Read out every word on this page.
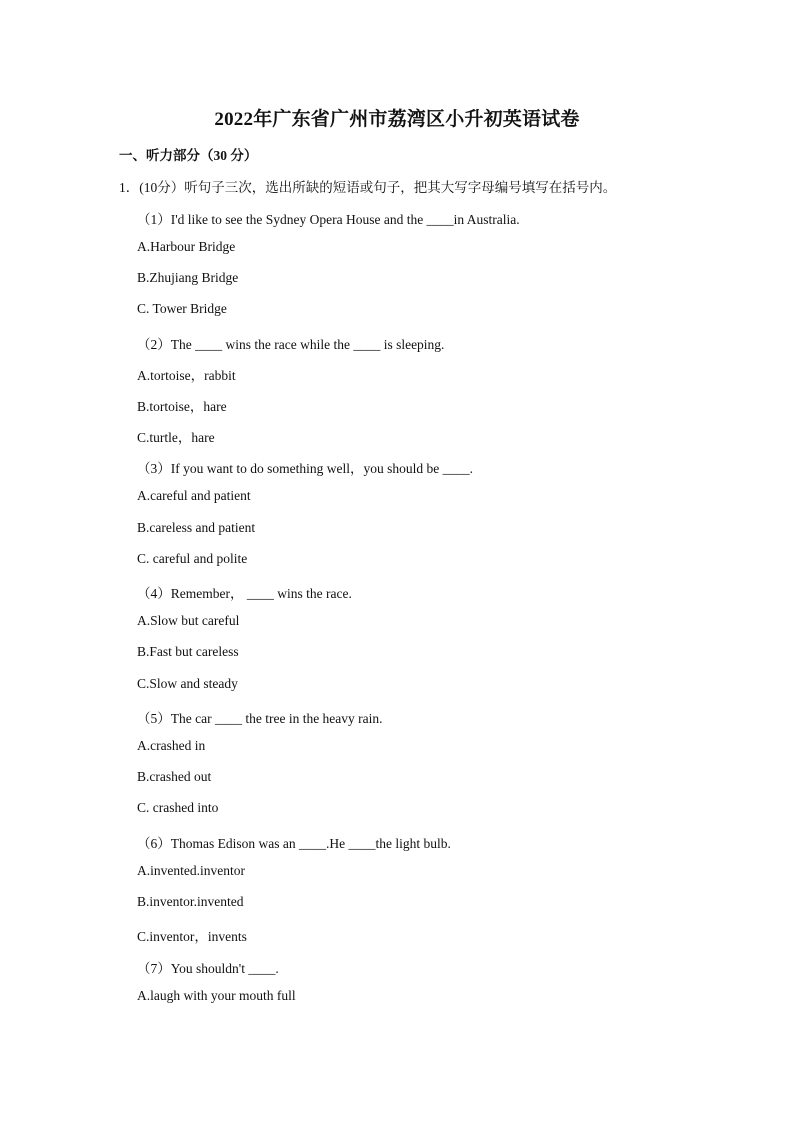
2022年广东省广州市荔湾区小升初英语试卷
一、听力部分（30 分）
1．(10分）听句子三次，选出所缺的短语或句子，把其大写字母编号填写在括号内。
（1）I'd like to see the Sydney Opera House and the ____in Australia.
A.Harbour Bridge
B.Zhujiang Bridge
C. Tower Bridge
（2）The ____ wins the race while the ____ is sleeping.
A.tortoise，rabbit
B.tortoise，hare
C.turtle，hare
（3）If you want to do something well，you should be ____.
A.careful and patient
B.careless and patient
C. careful and polite
（4）Remember， ____ wins the race.
A.Slow but careful
B.Fast but careless
C.Slow and steady
（5）The car ____ the tree in the heavy rain.
A.crashed in
B.crashed out
C. crashed into
（6）Thomas Edison was an ____.He ____the light bulb.
A.invented.inventor
B.inventor.invented
C.inventor，invents
（7）You shouldn't ____.
A.laugh with your mouth full
